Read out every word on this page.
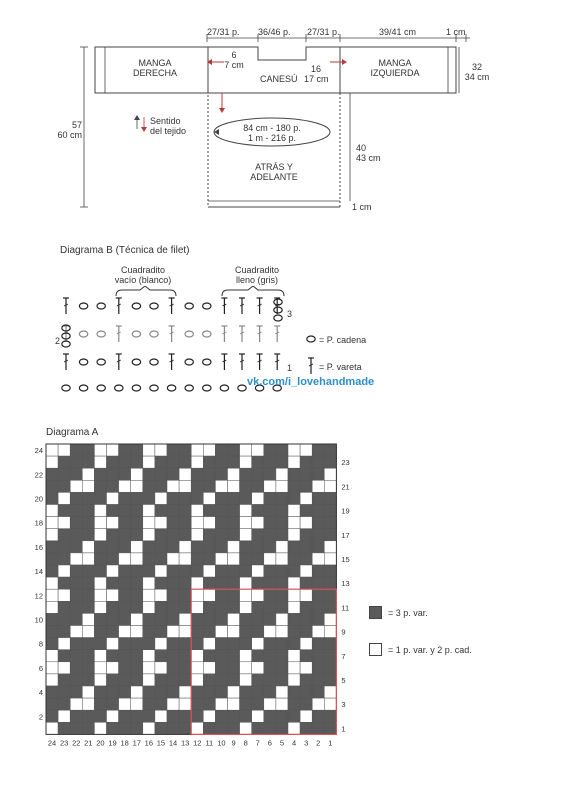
27/31 p. 36/46 p. 27/31 p.	39/41 cm	1 cm
MANGA
DERECHA
MANGA
IZQUIERDA
CANESÚ
6
7 cm	16
17 cm
32
34 cm
57
60 cm
Sentido
del tejido	84 cm - 180 p.
1 m - 216 p.
ATRÁS Y
ADELANTE
40
43 cm
1 cm
Diagrama B (Técnica de filet)
Cuadradito
vacío (blanco)
Cuadradito
lleno (gris)
3
2
1
= P. cadena
= P. vareta
vk.com/i_lovehandmade
Diagrama A
24 23 22 21 20 19 18 17 16 15 14 13 12 11 10 9 8 7 6 5 4 3 2 1
24
22
20
18
16
14
12
10
8
6
4
2
23
21
19
17
15
13
11
9
7
5
3
1
= 3 p. var.
= 1 p. var. y 2 p. cad.
